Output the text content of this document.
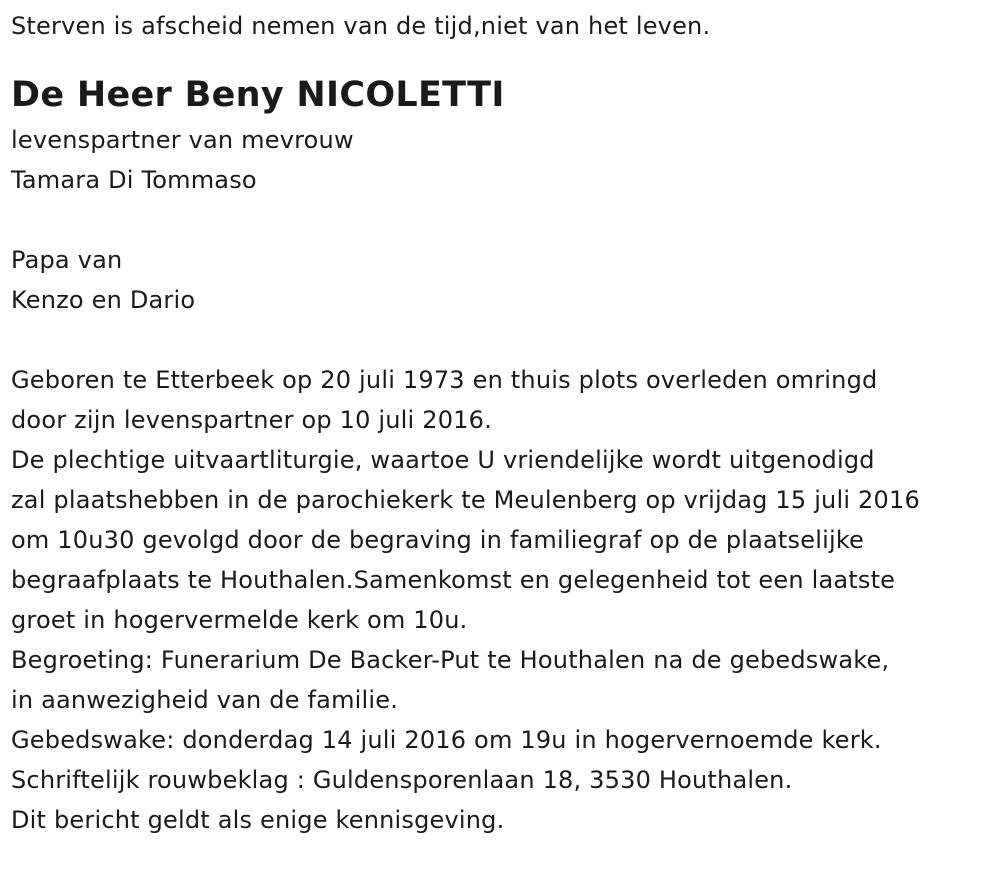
Sterven is afscheid nemen van de tijd,niet van het leven.
De Heer Beny NICOLETTI
levenspartner van mevrouw
Tamara Di Tommaso
Papa van
Kenzo en Dario
Geboren te Etterbeek op 20 juli 1973 en thuis plots overleden omringd
door zijn levenspartner op 10 juli 2016.
De plechtige uitvaartliturgie, waartoe U vriendelijke wordt uitgenodigd
zal plaatshebben in de parochiekerk te Meulenberg op vrijdag 15 juli 2016
om 10u30 gevolgd door de begraving in familiegraf op de plaatselijke
begraafplaats te Houthalen.Samenkomst en gelegenheid tot een laatste
groet in hogervermelde kerk om 10u.
Begroeting: Funerarium De Backer-Put te Houthalen na de gebedswake,
in aanwezigheid van de familie.
Gebedswake: donderdag 14 juli 2016 om 19u in hogervernoemde kerk.
Schriftelijk rouwbeklag : Guldensporenlaan 18, 3530 Houthalen.
Dit bericht geldt als enige kennisgeving.
